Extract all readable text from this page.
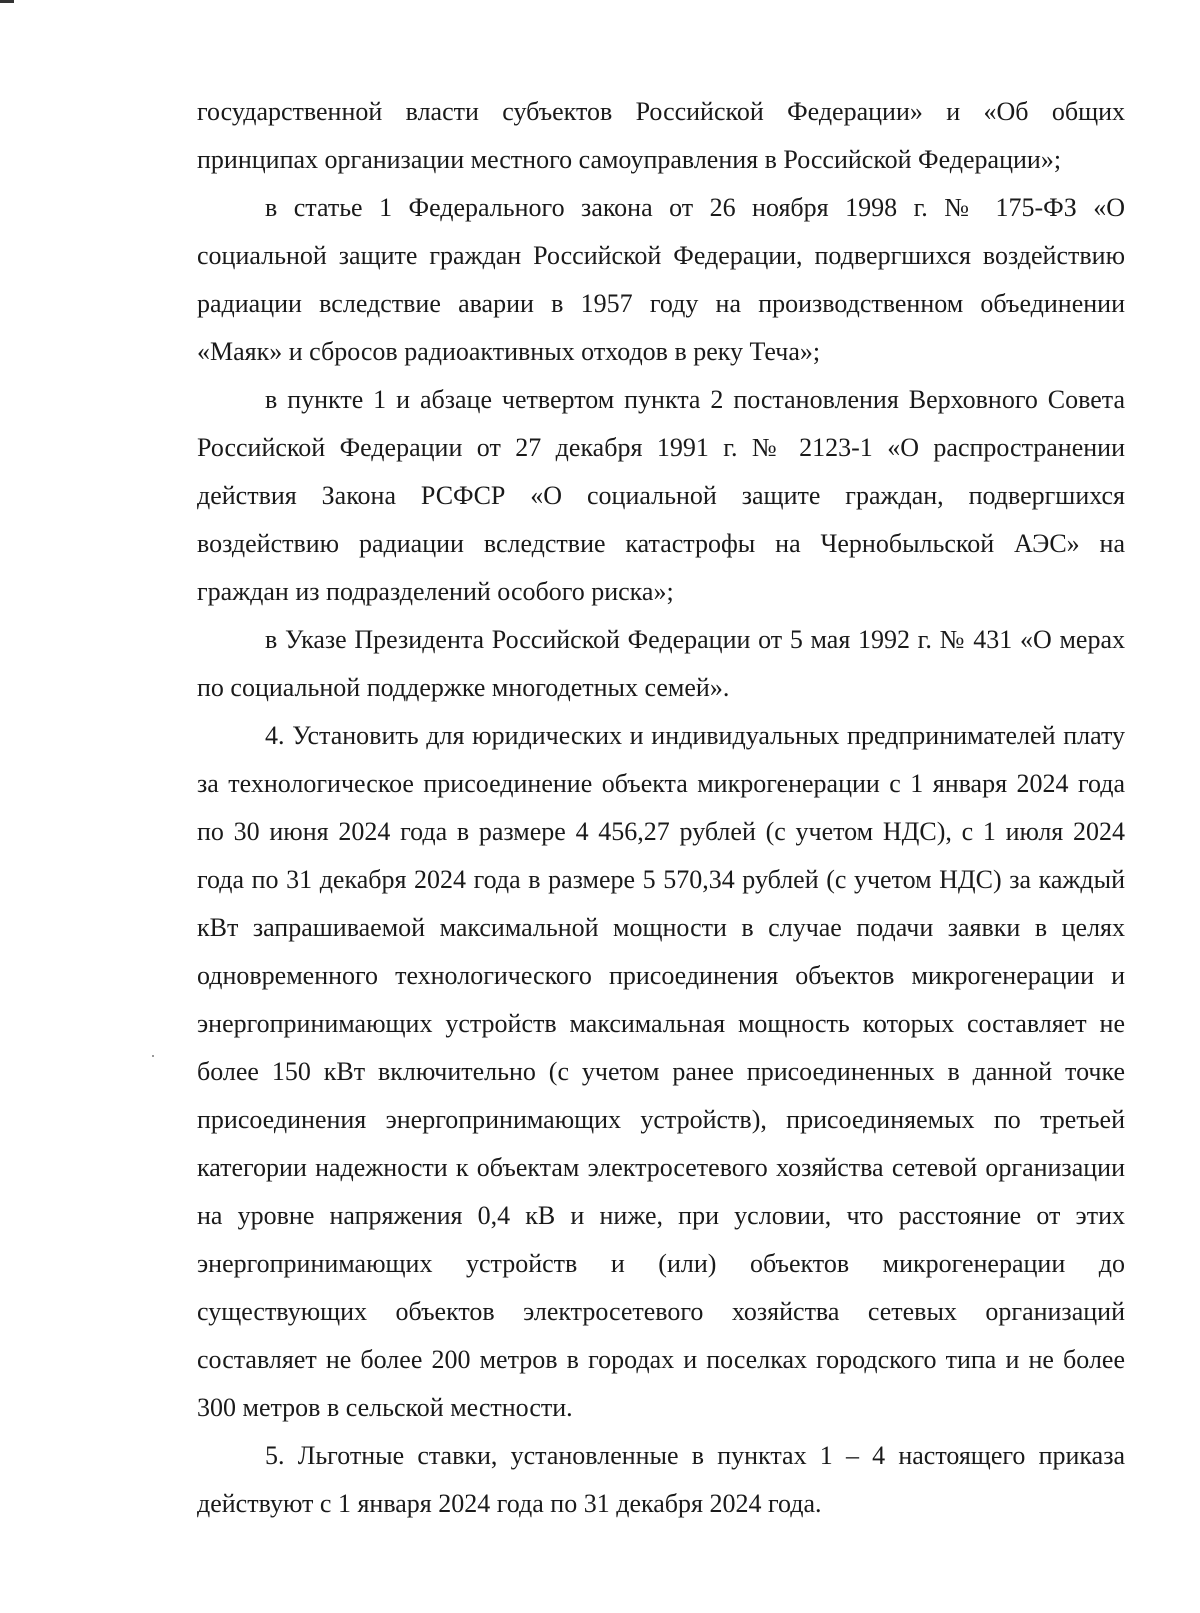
государственной власти субъектов Российской Федерации» и «Об общих принципах организации местного самоуправления в Российской Федерации»;

в статье 1 Федерального закона от 26 ноября 1998 г. № 175-ФЗ «О социальной защите граждан Российской Федерации, подвергшихся воздействию радиации вследствие аварии в 1957 году на производственном объединении «Маяк» и сбросов радиоактивных отходов в реку Теча»;

в пункте 1 и абзаце четвертом пункта 2 постановления Верховного Совета Российской Федерации от 27 декабря 1991 г. № 2123-1 «О распространении действия Закона РСФСР «О социальной защите граждан, подвергшихся воздействию радиации вследствие катастрофы на Чернобыльской АЭС» на граждан из подразделений особого риска»;

в Указе Президента Российской Федерации от 5 мая 1992 г. № 431 «О мерах по социальной поддержке многодетных семей».

4. Установить для юридических и индивидуальных предпринимателей плату за технологическое присоединение объекта микрогенерации с 1 января 2024 года по 30 июня 2024 года в размере 4 456,27 рублей (с учетом НДС), с 1 июля 2024 года по 31 декабря 2024 года в размере 5 570,34 рублей (с учетом НДС) за каждый кВт запрашиваемой максимальной мощности в случае подачи заявки в целях одновременного технологического присоединения объектов микрогенерации и энергопринимающих устройств максимальная мощность которых составляет не более 150 кВт включительно (с учетом ранее присоединенных в данной точке присоединения энергопринимающих устройств), присоединяемых по третьей категории надежности к объектам электросетевого хозяйства сетевой организации на уровне напряжения 0,4 кВ и ниже, при условии, что расстояние от этих энергопринимающих устройств и (или) объектов микрогенерации до существующих объектов электросетевого хозяйства сетевых организаций составляет не более 200 метров в городах и поселках городского типа и не более 300 метров в сельской местности.

5. Льготные ставки, установленные в пунктах 1 – 4 настоящего приказа действуют с 1 января 2024 года по 31 декабря 2024 года.
